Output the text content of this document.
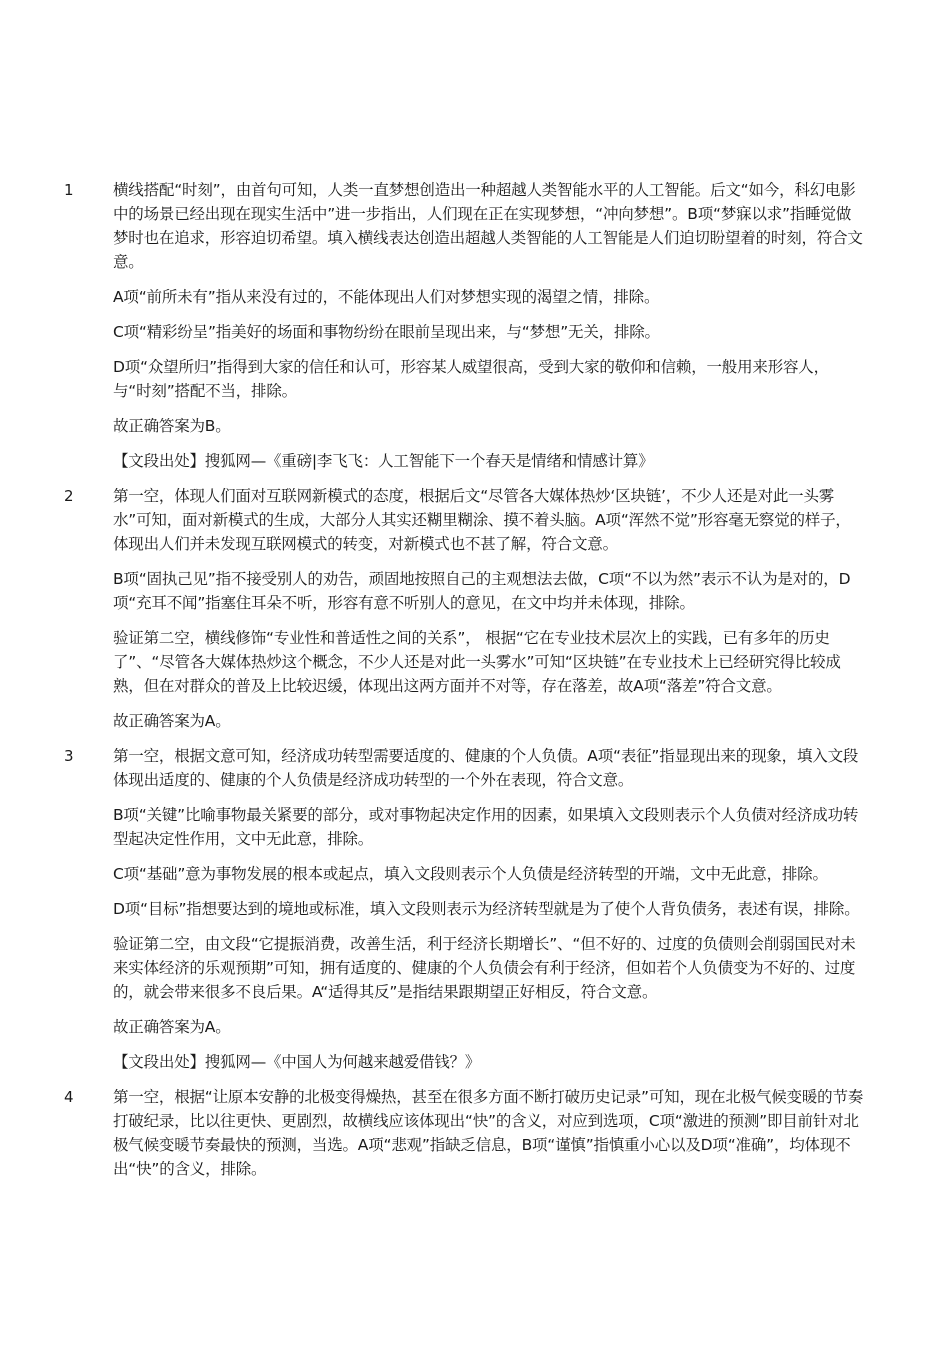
1	横线搭配“时刻”，由首句可知，人类一直梦想创造出一种超越人类智能水平的人工智能。后文“如今，科幻电影中的场景已经出现在现实生活中”进一步指出，人们现在正在实现梦想，“冲向梦想”。B项“梦寐以求”指睡觉做梦时也在追求，形容迫切希望。填入横线表达创造出超越人类智能的人工智能是人们迫切盼望着的时刻，符合文意。

A项“前所未有”指从来没有过的，不能体现出人们对梦想实现的渴望之情，排除。

C项“精彩纷呈”指美好的场面和事物纷纷在眼前呈现出来，与“梦想”无关，排除。

D项“众望所归”指得到大家的信任和认可，形容某人威望很高，受到大家的敬仰和信赖，一般用来形容人，与“时刻”搭配不当，排除。

故正确答案为B。

【文段出处】搜狐网—《重磅|李飞飞：人工智能下一个春天是情绪和情感计算》

2	第一空，体现人们面对互联网新模式的态度，根据后文“尽管各大媒体热炒‘区块链’，不少人还是对此一头雾水”可知，面对新模式的生成，大部分人其实还糊里糊涂、摸不着头脑。A项“浑然不觉”形容毫无察觉的样子，体现出人们并未发现互联网模式的转变，对新模式也不甚了解，符合文意。

B项“固执己见”指不接受别人的劝告，顽固地按照自己的主观想法去做，C项“不以为然”表示不认为是对的，D项“充耳不闻”指塞住耳朵不听，形容有意不听别人的意见，在文中均并未体现，排除。

验证第二空，横线修饰“专业性和普适性之间的关系”， 根据“它在专业技术层次上的实践，已有多年的历史了”、“尽管各大媒体热炒这个概念，不少人还是对此一头雾水”可知“区块链”在专业技术上已经研究得比较成熟，但在对群众的普及上比较迟缓，体现出这两方面并不对等，存在落差，故A项“落差”符合文意。

故正确答案为A。

3	第一空，根据文意可知，经济成功转型需要适度的、健康的个人负债。A项“表征”指显现出来的现象，填入文段体现出适度的、健康的个人负债是经济成功转型的一个外在表现，符合文意。

B项“关键”比喻事物最关紧要的部分，或对事物起决定作用的因素，如果填入文段则表示个人负债对经济成功转型起决定性作用，文中无此意，排除。

C项“基础”意为事物发展的根本或起点，填入文段则表示个人负债是经济转型的开端，文中无此意，排除。

D项“目标”指想要达到的境地或标准，填入文段则表示为经济转型就是为了使个人背负债务，表述有误，排除。

验证第二空，由文段“它提振消费，改善生活，利于经济长期增长”、“但不好的、过度的负债则会削弱国民对未来实体经济的乐观预期”可知，拥有适度的、健康的个人负债会有利于经济，但如若个人负债变为不好的、过度的，就会带来很多不良后果。A“适得其反”是指结果跟期望正好相反，符合文意。

故正确答案为A。

【文段出处】搜狐网—《中国人为何越来越爱借钱？》

4	第一空，根据“让原本安静的北极变得燥热，甚至在很多方面不断打破历史记录”可知，现在北极气候变暖的节奏打破纪录，比以往更快、更剧烈，故横线应该体现出“快”的含义，对应到选项，C项“激进的预测”即目前针对北极气候变暖节奏最快的预测，当选。A项“悲观”指缺乏信息，B项“谨慎”指慎重小心以及D项“准确”，均体现不出“快”的含义，排除。
